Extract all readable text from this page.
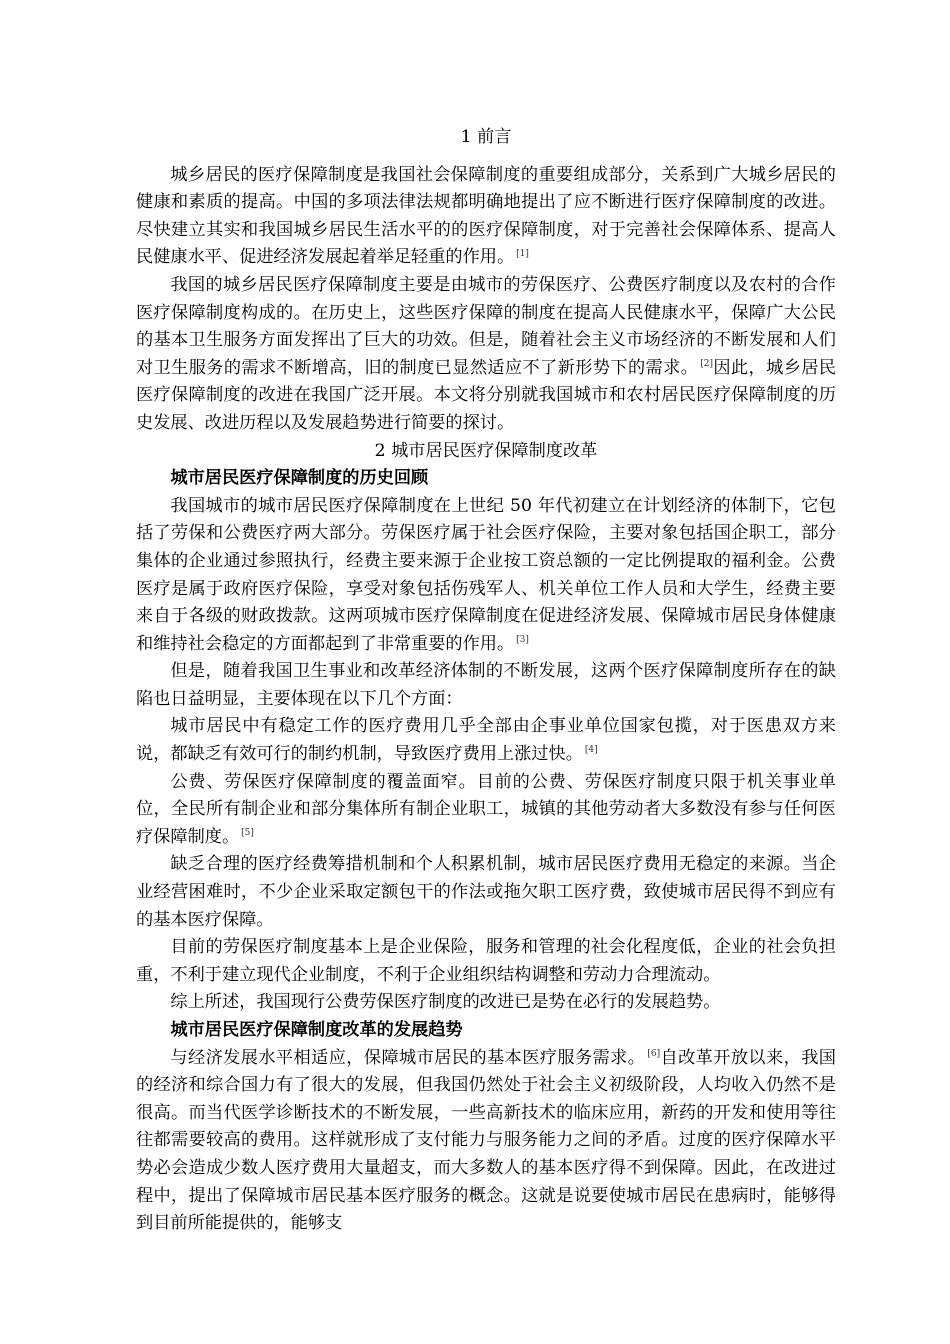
1 前言

城乡居民的医疗保障制度是我国社会保障制度的重要组成部分，关系到广大城乡居民的健康和素质的提高。中国的多项法律法规都明确地提出了应不断进行医疗保障制度的改进。尽快建立其实和我国城乡居民生活水平的的医疗保障制度，对于完善社会保障体系、提高人民健康水平、促进经济发展起着举足轻重的作用。 [1]

我国的城乡居民医疗保障制度主要是由城市的劳保医疗、公费医疗制度以及农村的合作医疗保障制度构成的。在历史上，这些医疗保障的制度在提高人民健康水平，保障广大公民的基本卫生服务方面发挥出了巨大的功效。但是，随着社会主义市场经济的不断发展和人们对卫生服务的需求不断增高，旧的制度已显然适应不了新形势下的需求。 [2]因此，城乡居民医疗保障制度的改进在我国广泛开展。本文将分别就我国城市和农村居民医疗保障制度的历史发展、改进历程以及发展趋势进行简要的探讨。

2 城市居民医疗保障制度改革
城市居民医疗保障制度的历史回顾

我国城市的城市居民医疗保障制度在上世纪 50 年代初建立在计划经济的体制下，它包括了劳保和公费医疗两大部分。劳保医疗属于社会医疗保险，主要对象包括国企职工，部分集体的企业通过参照执行，经费主要来源于企业按工资总额的一定比例提取的福利金。公费医疗是属于政府医疗保险，享受对象包括伤残军人、机关单位工作人员和大学生，经费主要来自于各级的财政拨款。这两项城市医疗保障制度在促进经济发展、保障城市居民身体健康和维持社会稳定的方面都起到了非常重要的作用。 [3]

但是，随着我国卫生事业和改革经济体制的不断发展，这两个医疗保障制度所存在的缺陷也日益明显，主要体现在以下几个方面：

城市居民中有稳定工作的医疗费用几乎全部由企事业单位国家包揽，对于医患双方来说，都缺乏有效可行的制约机制，导致医疗费用上涨过快。 [4]

公费、劳保医疗保障制度的覆盖面窄。目前的公费、劳保医疗制度只限于机关事业单位，全民所有制企业和部分集体所有制企业职工，城镇的其他劳动者大多数没有参与任何医疗保障制度。 [5]

缺乏合理的医疗经费筹措机制和个人积累机制，城市居民医疗费用无稳定的来源。当企业经营困难时，不少企业采取定额包干的作法或拖欠职工医疗费，致使城市居民得不到应有的基本医疗保障。

目前的劳保医疗制度基本上是企业保险，服务和管理的社会化程度低，企业的社会负担重，不利于建立现代企业制度，不利于企业组织结构调整和劳动力合理流动。

综上所述，我国现行公费劳保医疗制度的改进已是势在必行的发展趋势。

城市居民医疗保障制度改革的发展趋势

与经济发展水平相适应，保障城市居民的基本医疗服务需求。 [6]自改革开放以来，我国的经济和综合国力有了很大的发展，但我国仍然处于社会主义初级阶段，人均收入仍然不是很高。而当代医学诊断技术的不断发展，一些高新技术的临床应用，新药的开发和使用等往往都需要较高的费用。这样就形成了支付能力与服务能力之间的矛盾。过度的医疗保障水平势必会造成少数人医疗费用大量超支，而大多数人的基本医疗得不到保障。因此，在改进过程中，提出了保障城市居民基本医疗服务的概念。这就是说要使城市居民在患病时，能够得到目前所能提供的，能够支
